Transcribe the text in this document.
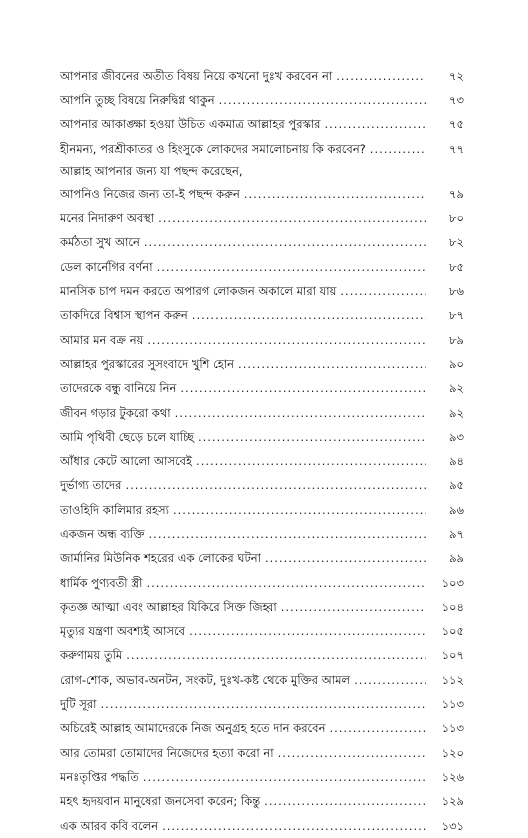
আপনার জীবনের অতীত বিষয় নিয়ে কখনো দুঃখ করবেন না .....	৭২
আপনি তুচ্ছ বিষয়ে নিরুদ্বিগ্ন থাকুন .....	৭৩
আপনার আকাঙ্ক্ষা হওয়া উচিত একমাত্র আল্লাহর পুরস্কার .....	৭৫
হীনমন্য, পরশ্রীকাতর ও হিংসুকে লোকদের সমালোচনায় কি করবেন? .....	৭৭
আল্লাহ আপনার জন্য যা পছন্দ করেছেন,
আপনিও নিজের জন্য তা-ই পছন্দ করুন .....	৭৯
মনের নিদারুণ অবস্থা .....	৮০
কর্মঠতা সুখ আনে .....	৮২
ডেল কার্নেগির বর্ণনা .....	৮৫
মানসিক চাপ দমন করতে অপারগ লোকজন অকালে মারা যায় .....	৮৬
তাকদিরে বিশ্বাস স্থাপন করুন .....	৮৭
আমার মন বক্র নয় .....	৮৯
আল্লাহর পুরস্কারের সুসংবাদে খুশি হোন .....	৯০
তাদেরকে বন্ধু বানিয়ে নিন .....	৯২
জীবন গড়ার টুকরো কথা .....	৯২
আমি পৃথিবী ছেড়ে চলে যাচ্ছি .....	৯৩
আঁধার কেটে আলো আসবেই .....	৯৪
দুর্ভাগ্য তাদের .....	৯৫
তাওহিদি কালিমার রহস্য .....	৯৬
একজন অন্ধ ব্যক্তি .....	৯৭
জার্মানির মিউনিক শহরের এক লোকের ঘটনা .....	৯৯
ধার্মিক পুণ্যবতী স্ত্রী .....	১০৩
কৃতজ্ঞ আত্মা এবং আল্লাহর যিকিরে সিক্ত জিহ্বা .....	১০৪
মৃত্যুর যন্ত্রণা অবশ্যই আসবে .....	১০৫
করুণাময় তুমি .....	১০৭
রোগ-শোক, অভাব-অনটন, সংকট, দুঃখ-কষ্ট থেকে মুক্তির আমল .....	১১২
দুটি সূরা .....	১১৩
অচিরেই আল্লাহ আমাদেরকে নিজ অনুগ্রহ হতে দান করবেন .....	১১৩
আর তোমরা তোমাদের নিজেদের হত্যা করো না .....	১২০
মনঃতৃপ্তির পদ্ধতি .....	১২৬
মহৎ হৃদয়বান মানুষেরা জনসেবা করেন; কিন্তু .....	১২৯
এক আরব কবি বলেন .....	১৩১
